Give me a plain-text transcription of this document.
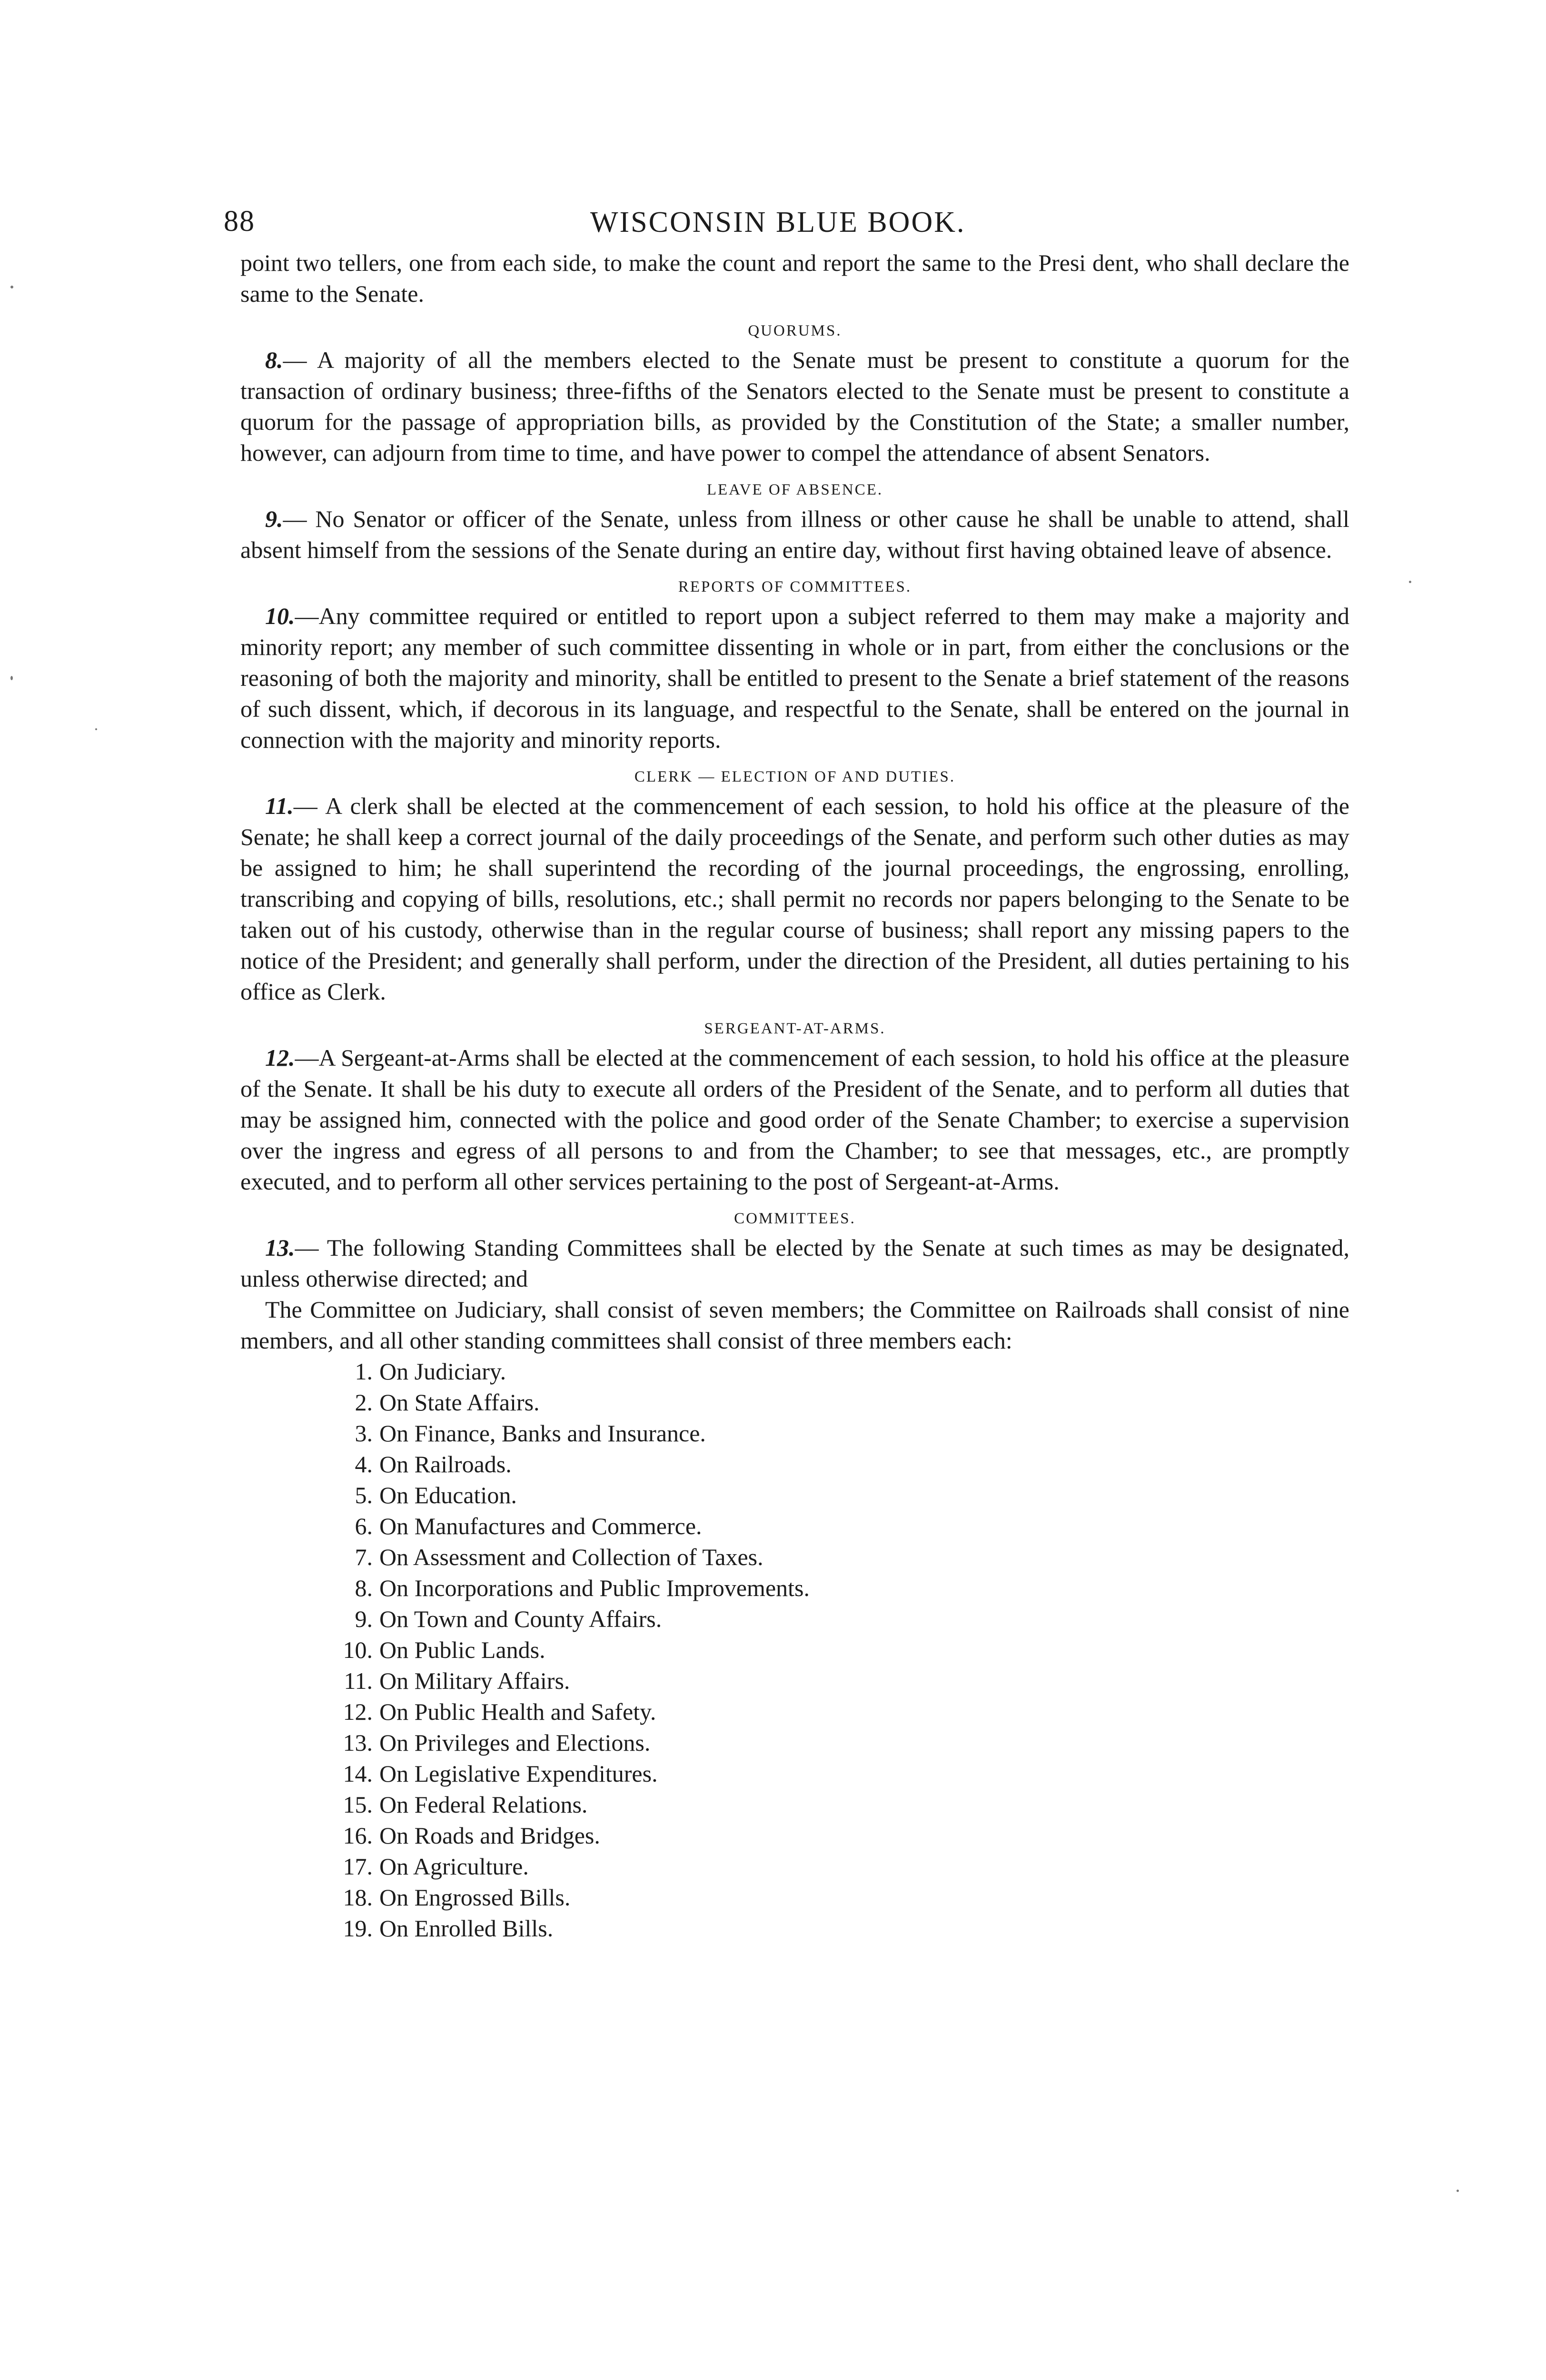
88	WISCONSIN BLUE BOOK.

point two tellers, one from each side, to make the count and report the same to the Presi dent, who shall declare the same to the Senate.

QUORUMS.

8.— A majority of all the members elected to the Senate must be present to constitute a quorum for the transaction of ordinary business; three-fifths of the Senators elected to the Senate must be present to constitute a quorum for the passage of appropriation bills, as provided by the Constitution of the State; a smaller number, however, can adjourn from time to time, and have power to compel the attendance of absent Senators.

LEAVE OF ABSENCE.

9.— No Senator or officer of the Senate, unless from illness or other cause he shall be unable to attend, shall absent himself from the sessions of the Senate during an entire day, without first having obtained leave of absence.

REPORTS OF COMMITTEES.

10.—Any committee required or entitled to report upon a subject referred to them may make a majority and minority report; any member of such committee dissenting in whole or in part, from either the conclusions or the reasoning of both the majority and minority, shall be entitled to present to the Senate a brief statement of the reasons of such dissent, which, if decorous in its language, and respectful to the Senate, shall be entered on the journal in connection with the majority and minority reports.

CLERK — ELECTION OF AND DUTIES.

11.— A clerk shall be elected at the commencement of each session, to hold his office at the pleasure of the Senate; he shall keep a correct journal of the daily proceedings of the Senate, and perform such other duties as may be assigned to him; he shall superintend the recording of the journal proceedings, the engrossing, enrolling, transcribing and copying of bills, resolutions, etc.; shall permit no records nor papers belonging to the Senate to be taken out of his custody, otherwise than in the regular course of business; shall report any missing papers to the notice of the President; and generally shall perform, under the direction of the President, all duties pertaining to his office as Clerk.

SERGEANT-AT-ARMS.

12.—A Sergeant-at-Arms shall be elected at the commencement of each session, to hold his office at the pleasure of the Senate. It shall be his duty to execute all orders of the President of the Senate, and to perform all duties that may be assigned him, connected with the police and good order of the Senate Chamber; to exercise a supervision over the ingress and egress of all persons to and from the Chamber; to see that messages, etc., are promptly executed, and to perform all other services pertaining to the post of Sergeant-at-Arms.

COMMITTEES.

13.— The following Standing Committees shall be elected by the Senate at such times as may be designated, unless otherwise directed; and

The Committee on Judiciary, shall consist of seven members; the Committee on Railroads shall consist of nine members, and all other standing committees shall consist of three members each:

1. On Judiciary.
2. On State Affairs.
3. On Finance, Banks and Insurance.
4. On Railroads.
5. On Education.
6. On Manufactures and Commerce.
7. On Assessment and Collection of Taxes.
8. On Incorporations and Public Improvements.
9. On Town and County Affairs.
10. On Public Lands.
11. On Military Affairs.
12. On Public Health and Safety.
13. On Privileges and Elections.
14. On Legislative Expenditures.
15. On Federal Relations.
16. On Roads and Bridges.
17. On Agriculture.
18. On Engrossed Bills.
19. On Enrolled Bills.
